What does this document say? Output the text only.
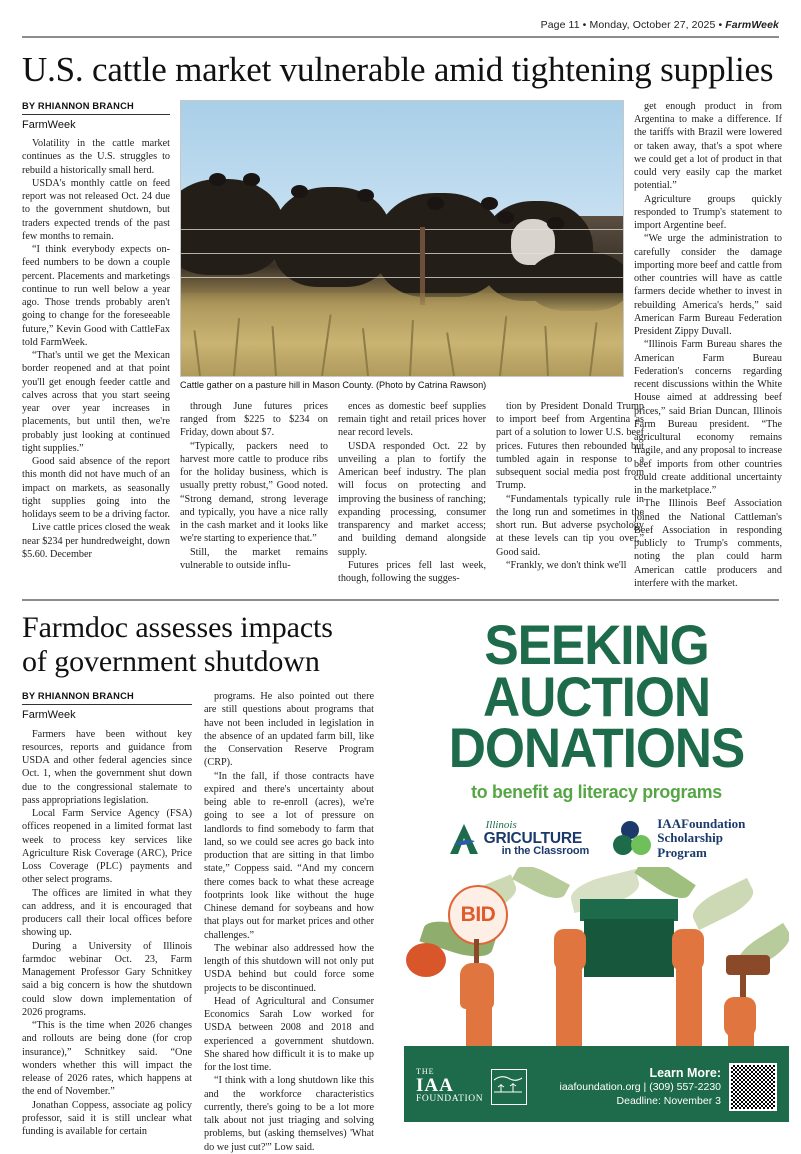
Page 11 • Monday, October 27, 2025 • FarmWeek
U.S. cattle market vulnerable amid tightening supplies
BY RHIANNON BRANCH
FarmWeek

Volatility in the cattle market continues as the U.S. struggles to rebuild a historically small herd.

USDA's monthly cattle on feed report was not released Oct. 24 due to the government shutdown, but traders expected trends of the past few months to remain.

“I think everybody expects on-feed numbers to be down a couple percent. Placements and marketings continue to run well below a year ago. Those trends probably aren't going to change for the foreseeable future,” Kevin Good with CattleFax told FarmWeek.

“That's until we get the Mexican border reopened and at that point you'll get enough feeder cattle and calves across that you start seeing year over year increases in placements, but until then, we're probably just looking at continued tight supplies.”

Good said absence of the report this month did not have much of an impact on markets, as seasonally tight supplies going into the holidays seem to be a driving factor.

Live cattle prices closed the weak near $234 per hundredweight, down $5.60. December

Cattle gather on a pasture hill in Mason County. (Photo by Catrina Rawson)

through June futures prices ranged from $225 to $234 on Friday, down about $7.

“Typically, packers need to harvest more cattle to produce ribs for the holiday business, which is usually pretty robust,” Good noted. “Strong demand, strong leverage and typically, you have a nice rally in the cash market and it looks like we're starting to experience that.”

Still, the market remains vulnerable to outside influ-

ences as domestic beef supplies remain tight and retail prices hover near record levels.

USDA responded Oct. 22 by unveiling a plan to fortify the American beef industry. The plan will focus on protecting and improving the business of ranching; expanding processing, consumer transparency and market access; and building demand alongside supply.

Futures prices fell last week, though, following the sugges-

tion by President Donald Trump to import beef from Argentina as part of a solution to lower U.S. beef prices. Futures then rebounded but tumbled again in response to a subsequent social media post from Trump.

“Fundamentals typically rule in the long run and sometimes in the short run. But adverse psychology at these levels can tip you over,” Good said.

“Frankly, we don't think we'll

get enough product in from Argentina to make a difference. If the tariffs with Brazil were lowered or taken away, that's a spot where we could get a lot of product in that could very easily cap the market potential.”

Agriculture groups quickly responded to Trump's statement to import Argentine beef.

“We urge the administration to carefully consider the damage importing more beef and cattle from other countries will have as cattle farmers decide whether to invest in rebuilding America's herds,” said American Farm Bureau Federation President Zippy Duvall.

“Illinois Farm Bureau shares the American Farm Bureau Federation's concerns regarding recent discussions within the White House aimed at addressing beef prices,” said Brian Duncan, Illinois Farm Bureau president. “The agricultural economy remains fragile, and any proposal to increase beef imports from other countries could create additional uncertainty in the marketplace.”

The Illinois Beef Association joined the National Cattleman's Beef Association in responding publicly to Trump's comments, noting the plan could harm American cattle producers and interfere with the market.

Farmdoc assesses impacts
of government shutdown
BY RHIANNON BRANCH
FarmWeek

Farmers have been without key resources, reports and guidance from USDA and other federal agencies since Oct. 1, when the government shut down due to the congressional stalemate to pass appropriations legislation.

Local Farm Service Agency (FSA) offices reopened in a limited format last week to process key services like Agriculture Risk Coverage (ARC), Price Loss Coverage (PLC) payments and other select programs.

The offices are limited in what they can address, and it is encouraged that producers call their local offices before showing up.

During a University of Illinois farmdoc webinar Oct. 23, Farm Management Professor Gary Schnitkey said a big concern is how the shutdown could slow down implementation of 2026 programs.

“This is the time when 2026 changes and rollouts are being done (for crop insurance),” Schnitkey said. “One wonders whether this will impact the release of 2026 rates, which happens at the end of November.”

Jonathan Coppess, associate ag policy professor, said it is still unclear what funding is available for certain

programs. He also pointed out there are still questions about programs that have not been included in legislation in the absence of an updated farm bill, like the Conservation Reserve Program (CRP).

“In the fall, if those contracts have expired and there's uncertainty about being able to re-enroll (acres), we're going to see a lot of pressure on landlords to find somebody to farm that land, so we could see acres go back into production that are sitting in that limbo state,” Coppess said. “And my concern there comes back to what these acreage footprints look like without the huge Chinese demand for soybeans and how that plays out for market prices and other challenges.”

The webinar also addressed how the length of this shutdown will not only put USDA behind but could force some projects to be discontinued.

Head of Agricultural and Consumer Economics Sarah Low worked for USDA between 2008 and 2018 and experienced a government shutdown. She shared how difficult it is to make up for the lost time.

“I think with a long shutdown like this and the workforce characteristics currently, there's going to be a lot more talk about not just triaging and solving problems, but (asking themselves) 'What do we just cut?'” Low said.

SEEKING
AUCTION
DONATIONS
to benefit ag literacy programs
Illinois
GRICULTURE
in the Classroom
IAAFoundation
Scholarship
Program
BID
THE
IAA
FOUNDATION
Learn More:
iaafoundation.org | (309) 557-2230
Deadline: November 3
